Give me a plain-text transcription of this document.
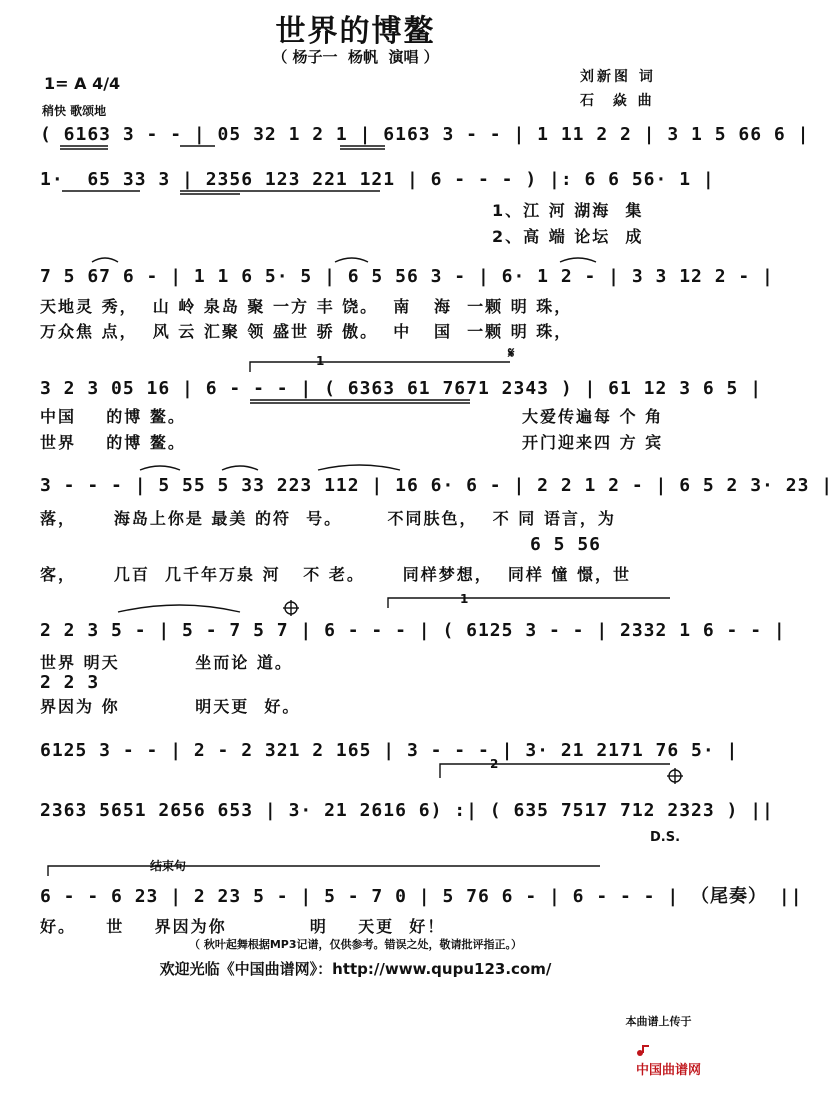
世界的博鳌
（ 杨子一  杨帆  演唱 ）
刘新图 词
石  焱 曲
1= A 4/4
稍快 歌颂地
( 6163 3 - - | 05 32 1 2 1 | 6163 3 - - | 1 11 2 2 | 3 1 5 66 6 |
1·  65 33 3 | 2356 123 221 121 | 6 - - - ) |: 6 6 56· 1 |
1、江 河 湖海  集
2、高 端 论坛  成
7 5 67 6 - | 1 1 6 5· 5 | 6 5 56 3 - | 6· 1 2 - | 3 3 12 2 - |
天地灵 秀，  山 岭 泉岛 聚 一方 丰 饶。  南   海  一颗 明 珠，
万众焦 点，  风 云 汇聚 领 盛世 骄 傲。  中   国  一颗 明 珠，
1	𝄋
3 2 3 05 16 | 6 - - - | ( 6363 61 7671 2343 ) | 61 12 3 6 5 |
中国    的博 鳌。
世界    的博 鳌。
大爱传遍每 个 角
开门迎来四 方 宾
3 - - - | 5 55 5 33 223 112 | 16 6· 6 - | 2 2 1 2 - | 6 5 2 3· 23 |
落，     海岛上你是 最美 的符  号。      不同肤色，  不 同 语言，为
6 5 56
客，     几百  几千年万泉 河   不 老。     同样梦想，  同样 憧 憬，世
1
2 2 3 5 - | 5 - 7 5 7 | 6 - - - | ( 6125 3 - - | 2332 1 6 - - |
世界 明天          坐而论 道。
2 2 3
界因为 你          明天更  好。
6125 3 - - | 2 - 2 321 2 165 | 3 - - - | 3· 21 2171 76 5· |
2
2363 5651 2656 653 | 3· 21 2616 6) :| ( 635 7517 712 2323 ) ||
D.S.
结束句
6 - - 6 23 | 2 23 5 - | 5 - 7 0 | 5 76 6 - | 6 - - - | （尾奏） ||
好。    世    界因为你           明    天更  好！
（ 秋叶起舞根据MP3记谱，仅供参考。错误之处，敬请批评指正。）
欢迎光临《中国曲谱网》：http://www.qupu123.com/

本曲谱上传于

中国曲谱网
